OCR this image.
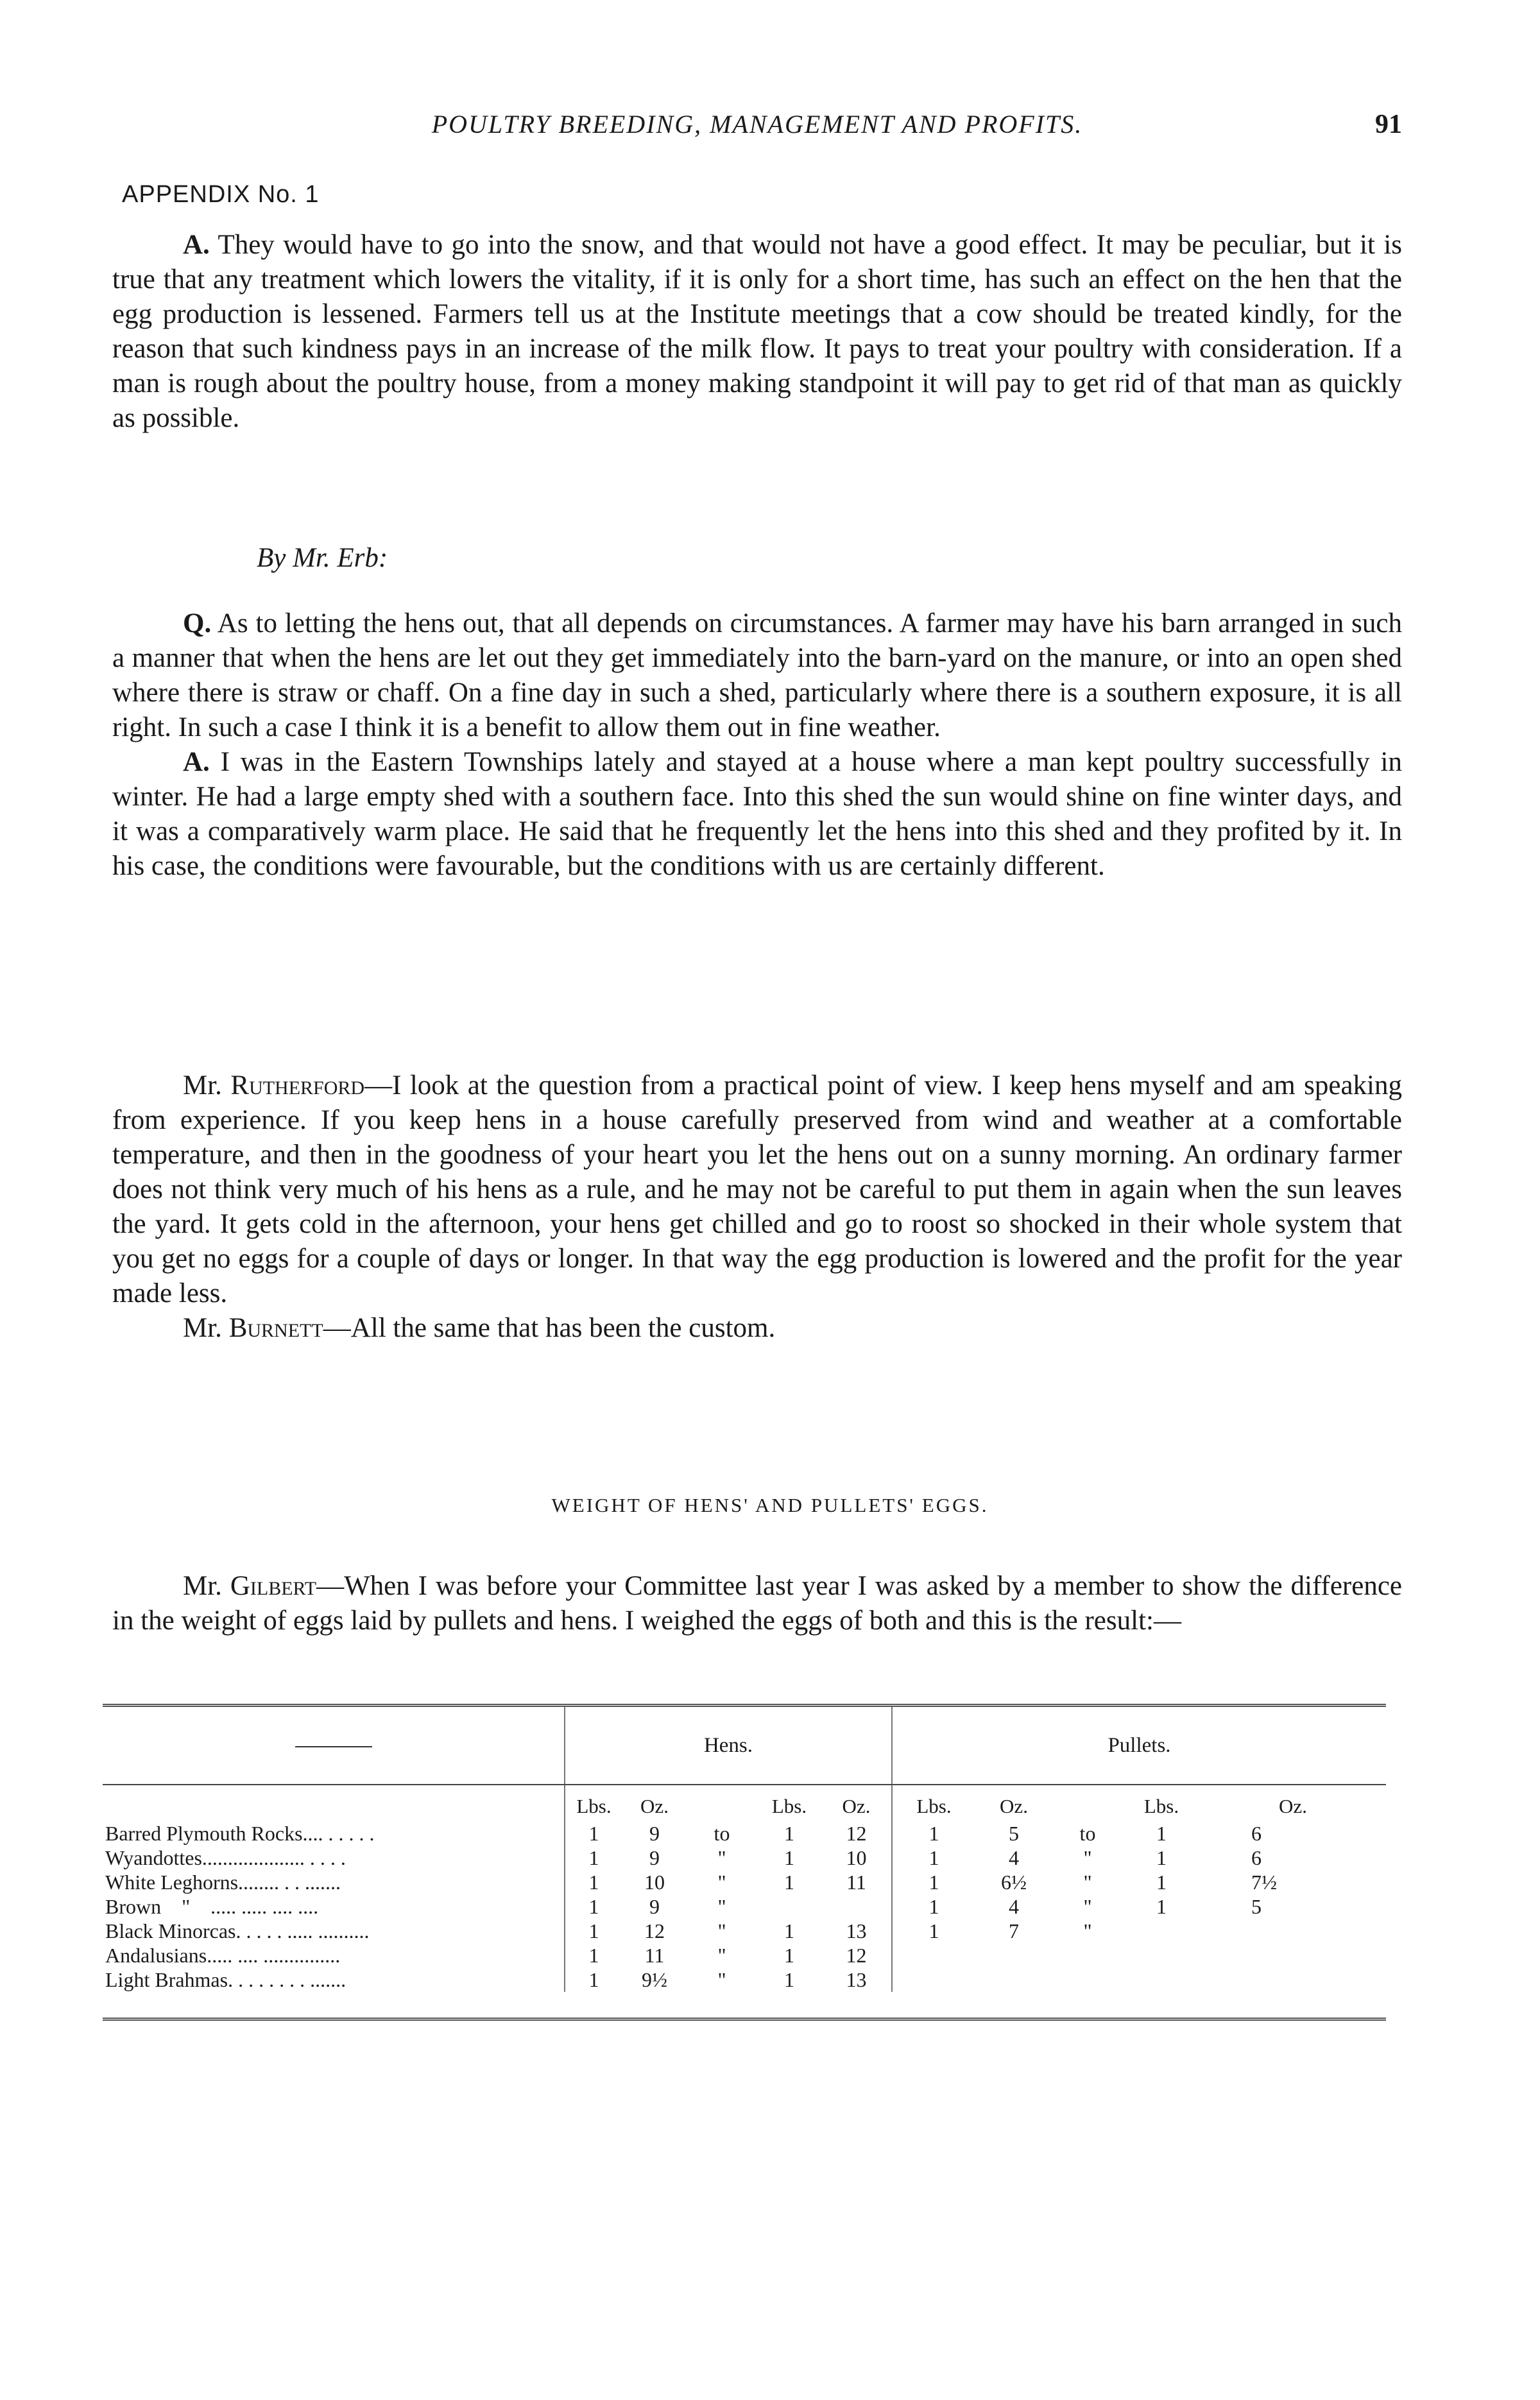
POULTRY BREEDING, MANAGEMENT AND PROFITS.	91
APPENDIX No. 1

A. They would have to go into the snow, and that would not have a good effect. It may be peculiar, but it is true that any treatment which lowers the vitality, if it is only for a short time, has such an effect on the hen that the egg production is lessened. Farmers tell us at the Institute meetings that a cow should be treated kindly, for the reason that such kindness pays in an increase of the milk flow. It pays to treat your poultry with consideration. If a man is rough about the poultry house, from a money making standpoint it will pay to get rid of that man as quickly as possible.

By Mr. Erb:

Q. As to letting the hens out, that all depends on circumstances. A farmer may have his barn arranged in such a manner that when the hens are let out they get immediately into the barn-yard on the manure, or into an open shed where there is straw or chaff. On a fine day in such a shed, particularly where there is a southern exposure, it is all right. In such a case I think it is a benefit to allow them out in fine weather.

A. I was in the Eastern Townships lately and stayed at a house where a man kept poultry successfully in winter. He had a large empty shed with a southern face. Into this shed the sun would shine on fine winter days, and it was a comparatively warm place. He said that he frequently let the hens into this shed and they profited by it. In his case, the conditions were favourable, but the conditions with us are certainly different.

Mr. Rutherford—I look at the question from a practical point of view. I keep hens myself and am speaking from experience. If you keep hens in a house carefully preserved from wind and weather at a comfortable temperature, and then in the goodness of your heart you let the hens out on a sunny morning. An ordinary farmer does not think very much of his hens as a rule, and he may not be careful to put them in again when the sun leaves the yard. It gets cold in the afternoon, your hens get chilled and go to roost so shocked in their whole system that you get no eggs for a couple of days or longer. In that way the egg production is lowered and the profit for the year made less.

Mr. Burnett—All the same that has been the custom.

WEIGHT OF HENS' AND PULLETS' EGGS.

Mr. Gilbert—When I was before your Committee last year I was asked by a member to show the difference in the weight of eggs laid by pullets and hens. I weighed the eggs of both and this is the result:—

	Hens.					Pullets.				

	Lbs.	Oz.		Lbs.	Oz.	Lbs.	Oz.		Lbs.	Oz.
Barred Plymouth Rocks.... . . . . .	1	9	to	1	12	1	5	to	1	6
Wyandottes.................... . . . .	1	9	"	1	10	1	4	"	1	6
White Leghorns........ . . .......	1	10	"	1	11	1	6½	"	1	7½
Brown    "    ..... ..... .... ....	1	9	"			1	4	"	1	5
Black Minorcas. . . . . ..... ..........	1	12	"	1	13	1	7	"		
Andalusians..... .... ...............	1	11	"	1	12					
Light Brahmas. . . . . . . . .......	1	9½	"	1	13					
